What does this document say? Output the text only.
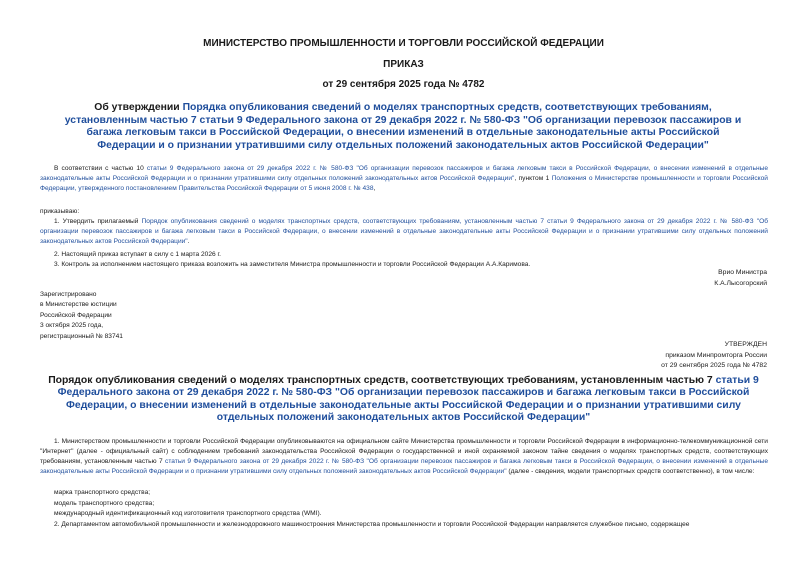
МИНИСТЕРСТВО ПРОМЫШЛЕННОСТИ И ТОРГОВЛИ РОССИЙСКОЙ ФЕДЕРАЦИИ
ПРИКАЗ
от 29 сентября 2025 года № 4782
Об утверждении Порядка опубликования сведений о моделях транспортных средств, соответствующих требованиям, установленным частью 7 статьи 9 Федерального закона от 29 декабря 2022 г. № 580-ФЗ "Об организации перевозок пассажиров и багажа легковым такси в Российской Федерации, о внесении изменений в отдельные законодательные акты Российской Федерации и о признании утратившими силу отдельных положений законодательных актов Российской Федерации"
В соответствии с частью 10 статьи 9 Федерального закона от 29 декабря 2022 г. № 580-ФЗ "Об организации перевозок пассажиров и багажа легковым такси в Российской Федерации, о внесении изменений в отдельные законодательные акты Российской Федерации и о признании утратившими силу отдельных положений законодательных актов Российской Федерации", пунктом 1 Положения о Министерстве промышленности и торговли Российской Федерации, утвержденного постановлением Правительства Российской Федерации от 5 июня 2008 г. № 438,
приказываю:
1. Утвердить прилагаемый Порядок опубликования сведений о моделях транспортных средств, соответствующих требованиям, установленным частью 7 статьи 9 Федерального закона от 29 декабря 2022 г. № 580-ФЗ "Об организации перевозок пассажиров и багажа легковым такси в Российской Федерации, о внесении изменений в отдельные законодательные акты Российской Федерации и о признании утратившими силу отдельных положений законодательных актов Российской Федерации".
2. Настоящий приказ вступает в силу с 1 марта 2026 г.
3. Контроль за исполнением настоящего приказа возложить на заместителя Министра промышленности и торговли Российской Федерации А.А.Каримова.
Врио Министра
К.А.Лысогорский
Зарегистрировано
в Министерстве юстиции
Российской Федерации
3 октября 2025 года,
регистрационный № 83741
УТВЕРЖДЕН
приказом Минпромторга России
от 29 сентября 2025 года № 4782
Порядок опубликования сведений о моделях транспортных средств, соответствующих требованиям, установленным частью 7 статьи 9 Федерального закона от 29 декабря 2022 г. № 580-ФЗ "Об организации перевозок пассажиров и багажа легковым такси в Российской Федерации, о внесении изменений в отдельные законодательные акты Российской Федерации и о признании утратившими силу отдельных положений законодательных актов Российской Федерации"
1. Министерством промышленности и торговли Российской Федерации опубликовываются на официальном сайте Министерства промышленности и торговли Российской Федерации в информационно-телекоммуникационной сети "Интернет" (далее - официальный сайт) с соблюдением требований законодательства Российской Федерации о государственной и иной охраняемой законом тайне сведения о моделях транспортных средств, соответствующих требованиям, установленным частью 7 статьи 9 Федерального закона от 29 декабря 2022 г. № 580-ФЗ "Об организации перевозок пассажиров и багажа легковым такси в Российской Федерации, о внесении изменений в отдельные законодательные акты Российской Федерации и о признании утратившими силу отдельных положений законодательных актов Российской Федерации" (далее - сведения, модели транспортных средств соответственно), в том числе:
марка транспортного средства;
модель транспортного средства;
международный идентификационный код изготовителя транспортного средства (WMI).
2. Департаментом автомобильной промышленности и железнодорожного машиностроения Министерства промышленности и торговли Российской Федерации направляется служебное письмо, содержащее
